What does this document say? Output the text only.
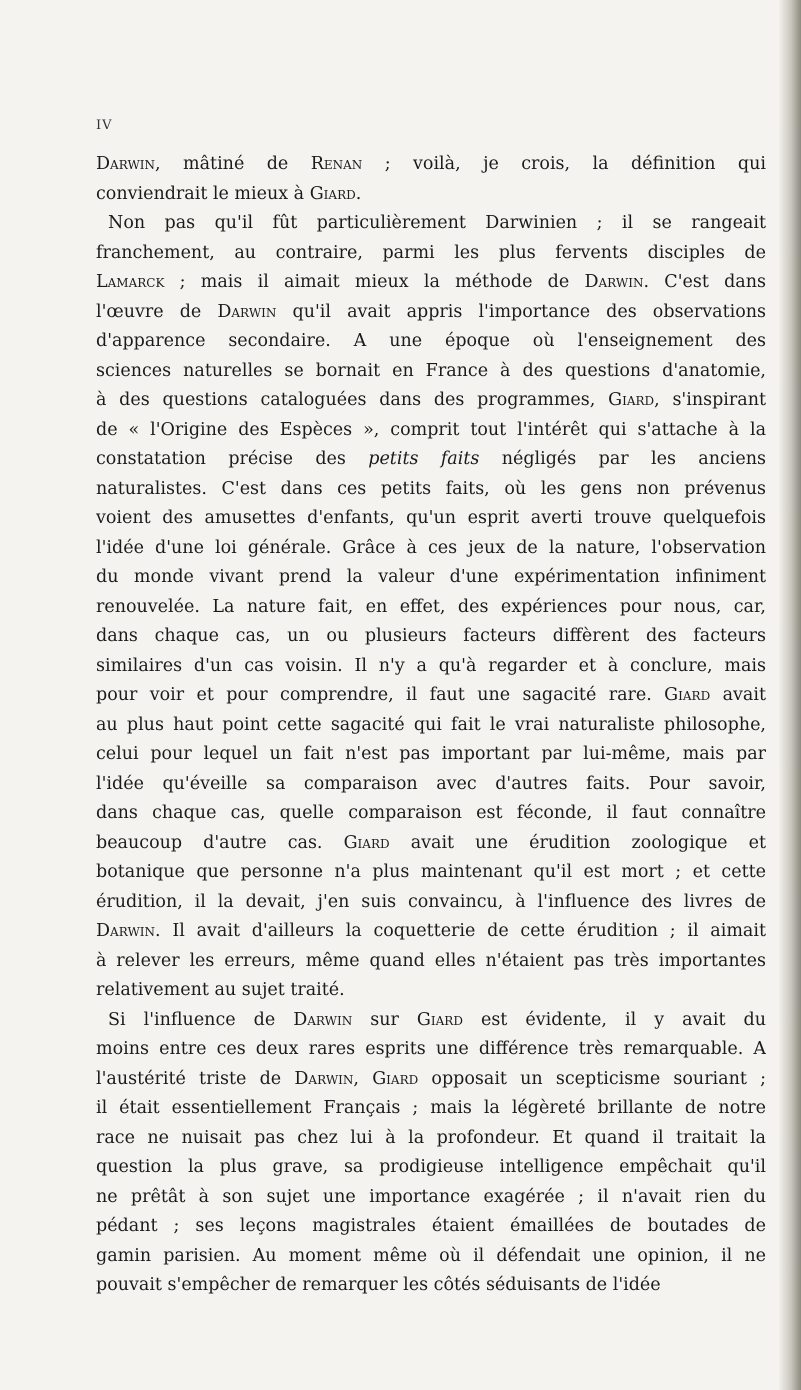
IV
Darwin, mâtiné de Renan ; voilà, je crois, la définition qui
conviendrait le mieux à Giard.
Non pas qu'il fût particulièrement Darwinien ; il se rangeait
franchement, au contraire, parmi les plus fervents disciples de
Lamarck ; mais il aimait mieux la méthode de Darwin. C'est dans
l'œuvre de Darwin qu'il avait appris l'importance des observations
d'apparence secondaire. A une époque où l'enseignement des
sciences naturelles se bornait en France à des questions d'anatomie,
à des questions cataloguées dans des programmes, Giard, s'inspirant
de « l'Origine des Espèces », comprit tout l'intérêt qui s'attache à la
constatation précise des petits faits négligés par les anciens
naturalistes. C'est dans ces petits faits, où les gens non prévenus
voient des amusettes d'enfants, qu'un esprit averti trouve quelquefois
l'idée d'une loi générale. Grâce à ces jeux de la nature, l'observation
du monde vivant prend la valeur d'une expérimentation infiniment
renouvelée. La nature fait, en effet, des expériences pour nous, car,
dans chaque cas, un ou plusieurs facteurs diffèrent des facteurs
similaires d'un cas voisin. Il n'y a qu'à regarder et à conclure, mais
pour voir et pour comprendre, il faut une sagacité rare. Giard avait
au plus haut point cette sagacité qui fait le vrai naturaliste philosophe,
celui pour lequel un fait n'est pas important par lui-même, mais par
l'idée qu'éveille sa comparaison avec d'autres faits. Pour savoir,
dans chaque cas, quelle comparaison est féconde, il faut connaître
beaucoup d'autre cas. Giard avait une érudition zoologique et
botanique que personne n'a plus maintenant qu'il est mort ; et cette
érudition, il la devait, j'en suis convaincu, à l'influence des livres de
Darwin. Il avait d'ailleurs la coquetterie de cette érudition ; il aimait
à relever les erreurs, même quand elles n'étaient pas très importantes
relativement au sujet traité.
Si l'influence de Darwin sur Giard est évidente, il y avait du
moins entre ces deux rares esprits une différence très remarquable. A
l'austérité triste de Darwin, Giard opposait un scepticisme souriant ;
il était essentiellement Français ; mais la légèreté brillante de notre
race ne nuisait pas chez lui à la profondeur. Et quand il traitait la
question la plus grave, sa prodigieuse intelligence empêchait qu'il
ne prêtât à son sujet une importance exagérée ; il n'avait rien du
pédant ; ses leçons magistrales étaient émaillées de boutades de
gamin parisien. Au moment même où il défendait une opinion, il ne
pouvait s'empêcher de remarquer les côtés séduisants de l'idée
